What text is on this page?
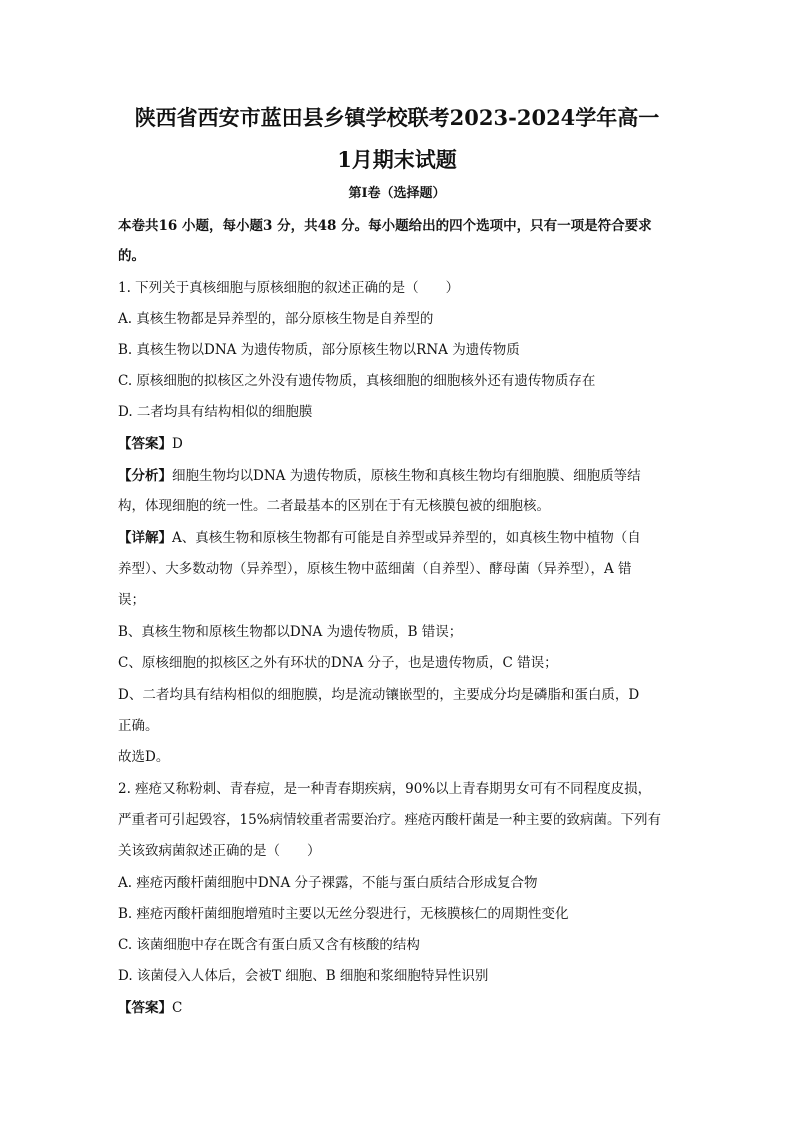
陕西省西安市蓝田县乡镇学校联考2023-2024学年高一
1月期末试题
第Ⅰ卷（选择题）
本卷共16 小题，每小题3 分，共48 分。每小题给出的四个选项中，只有一项是符合要求
的。
1. 下列关于真核细胞与原核细胞的叙述正确的是（　　）
A. 真核生物都是异养型的，部分原核生物是自养型的
B. 真核生物以DNA 为遗传物质，部分原核生物以RNA 为遗传物质
C. 原核细胞的拟核区之外没有遗传物质，真核细胞的细胞核外还有遗传物质存在
D. 二者均具有结构相似的细胞膜
【答案】D
【分析】细胞生物均以DNA 为遗传物质，原核生物和真核生物均有细胞膜、细胞质等结
构，体现细胞的统一性。二者最基本的区别在于有无核膜包被的细胞核。
【详解】A、真核生物和原核生物都有可能是自养型或异养型的，如真核生物中植物（自
养型）、大多数动物（异养型），原核生物中蓝细菌（自养型）、酵母菌（异养型），A 错
误；
B、真核生物和原核生物都以DNA 为遗传物质，B 错误；
C、原核细胞的拟核区之外有环状的DNA 分子，也是遗传物质，C 错误；
D、二者均具有结构相似的细胞膜，均是流动镶嵌型的，主要成分均是磷脂和蛋白质，D
正确。
故选D。
2. 痤疮又称粉刺、青春痘，是一种青春期疾病，90%以上青春期男女可有不同程度皮损，
严重者可引起毁容，15%病情较重者需要治疗。痤疮丙酸杆菌是一种主要的致病菌。下列有
关该致病菌叙述正确的是（　　）
A. 痤疮丙酸杆菌细胞中DNA 分子裸露，不能与蛋白质结合形成复合物
B. 痤疮丙酸杆菌细胞增殖时主要以无丝分裂进行，无核膜核仁的周期性变化
C. 该菌细胞中存在既含有蛋白质又含有核酸的结构
D. 该菌侵入人体后，会被T 细胞、B 细胞和浆细胞特异性识别
【答案】C
